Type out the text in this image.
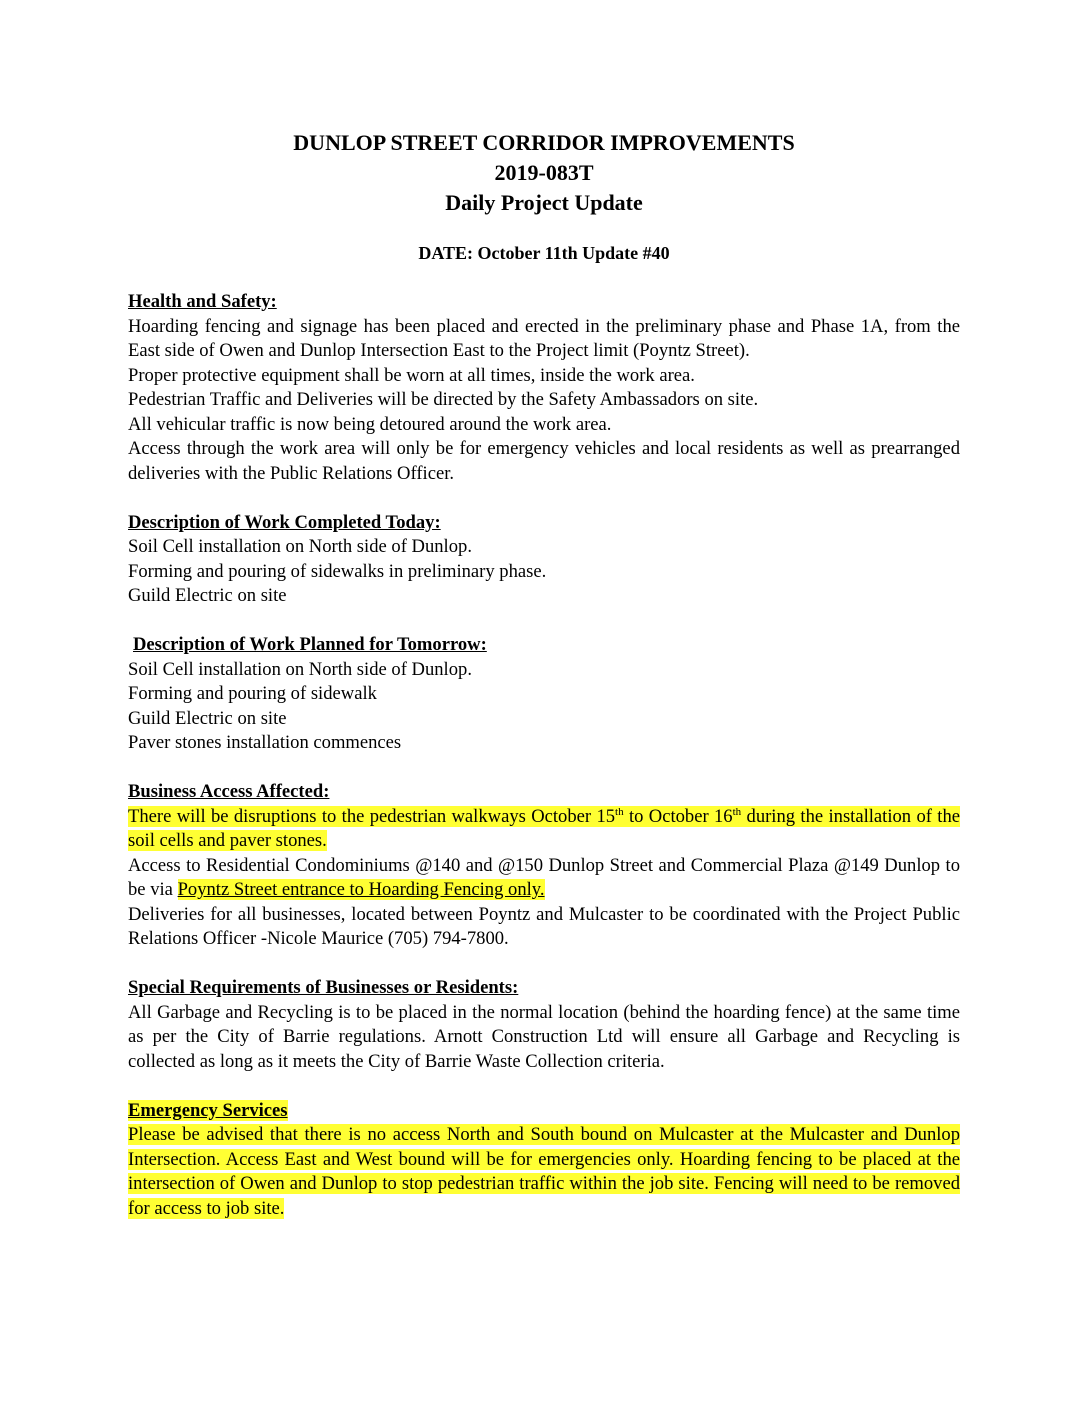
DUNLOP STREET CORRIDOR IMPROVEMENTS
2019-083T
Daily Project Update
DATE: October 11th Update #40
Health and Safety:
Hoarding fencing and signage has been placed and erected in the preliminary phase and Phase 1A, from the East side of Owen and Dunlop Intersection East to the Project limit (Poyntz Street).
Proper protective equipment shall be worn at all times, inside the work area.
Pedestrian Traffic and Deliveries will be directed by the Safety Ambassadors on site.
All vehicular traffic is now being detoured around the work area.
Access through the work area will only be for emergency vehicles and local residents as well as prearranged deliveries with the Public Relations Officer.
Description of Work Completed Today:
Soil Cell installation on North side of Dunlop.
Forming and pouring of sidewalks in preliminary phase.
Guild Electric on site
Description of Work Planned for Tomorrow:
Soil Cell installation on North side of Dunlop.
Forming and pouring of sidewalk
Guild Electric on site
Paver stones installation commences
Business Access Affected:
There will be disruptions to the pedestrian walkways October 15th to October 16th during the installation of the soil cells and paver stones.
Access to Residential Condominiums @140 and @150 Dunlop Street and Commercial Plaza @149 Dunlop to be via Poyntz Street entrance to Hoarding Fencing only.
Deliveries for all businesses, located between Poyntz and Mulcaster to be coordinated with the Project Public Relations Officer -Nicole Maurice (705) 794-7800.
Special Requirements of Businesses or Residents:
All Garbage and Recycling is to be placed in the normal location (behind the hoarding fence) at the same time as per the City of Barrie regulations. Arnott Construction Ltd will ensure all Garbage and Recycling is collected as long as it meets the City of Barrie Waste Collection criteria.
Emergency Services
Please be advised that there is no access North and South bound on Mulcaster at the Mulcaster and Dunlop Intersection. Access East and West bound will be for emergencies only. Hoarding fencing to be placed at the intersection of Owen and Dunlop to stop pedestrian traffic within the job site. Fencing will need to be removed for access to job site.
